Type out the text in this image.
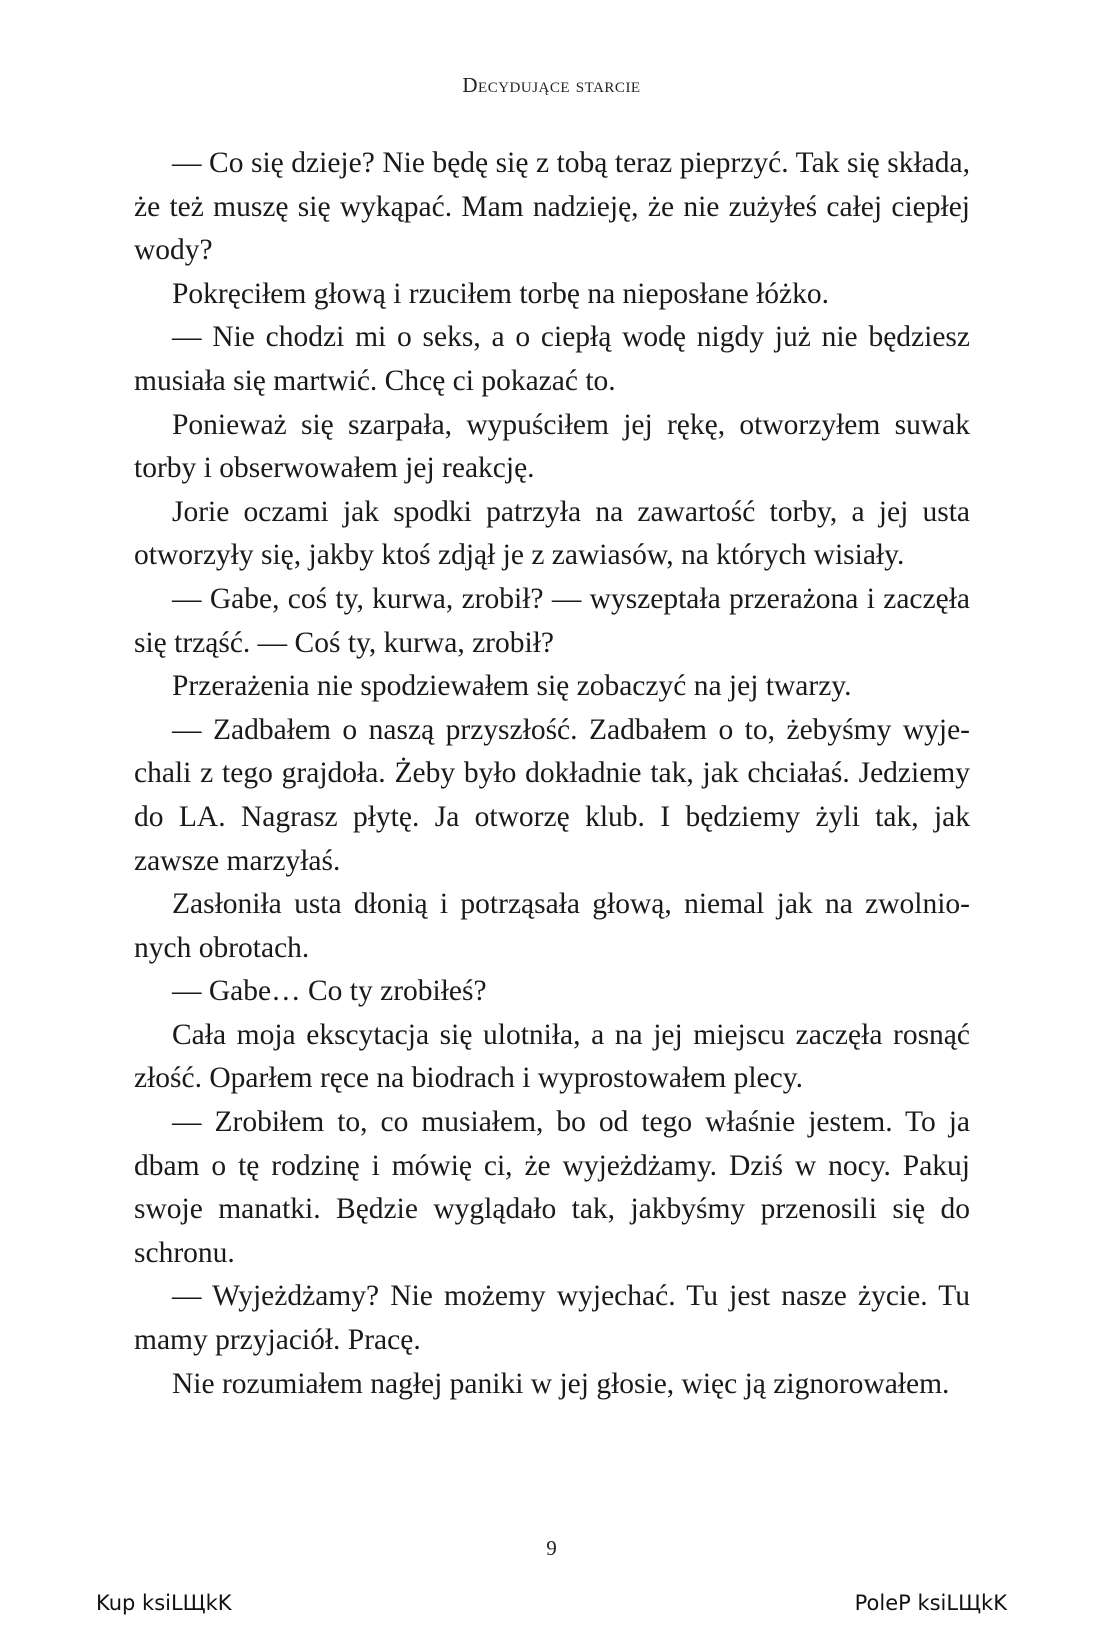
Decydujące starcie

— Co się dzieje? Nie będę się z tobą teraz pieprzyć. Tak się składa, że też muszę się wykąpać. Mam nadzieję, że nie zużyłeś całej ciepłej wody?

Pokręciłem głową i rzuciłem torbę na nieposłane łóżko.

— Nie chodzi mi o seks, a o ciepłą wodę nigdy już nie będziesz musiała się martwić. Chcę ci pokazać to.

Ponieważ się szarpała, wypuściłem jej rękę, otworzyłem suwak torby i obserwowałem jej reakcję.

Jorie oczami jak spodki patrzyła na zawartość torby, a jej usta otworzyły się, jakby ktoś zdjął je z zawiasów, na których wisiały.

— Gabe, coś ty, kurwa, zrobił? — wyszeptała przerażona i zaczęła się trząść. — Coś ty, kurwa, zrobił?

Przerażenia nie spodziewałem się zobaczyć na jej twarzy.

— Zadbałem o naszą przyszłość. Zadbałem o to, żebyśmy wyjechali z tego grajdoła. Żeby było dokładnie tak, jak chciałaś. Jedziemy do LA. Nagrasz płytę. Ja otworzę klub. I będziemy żyli tak, jak zawsze marzyłaś.

Zasłoniła usta dłonią i potrząsała głową, niemal jak na zwolnionych obrotach.

— Gabe… Co ty zrobiłeś?

Cała moja ekscytacja się ulotniła, a na jej miejscu zaczęła rosnąć złość. Oparłem ręce na biodrach i wyprostowałem plecy.

— Zrobiłem to, co musiałem, bo od tego właśnie jestem. To ja dbam o tę rodzinę i mówię ci, że wyjeżdżamy. Dziś w nocy. Pakuj swoje manatki. Będzie wyglądało tak, jakbyśmy przenosili się do schronu.

— Wyjeżdżamy? Nie możemy wyjechać. Tu jest nasze życie. Tu mamy przyjaciół. Pracę.

Nie rozumiałem nagłej paniki w jej głosie, więc ją zignorowałem.

9
Kup ksiLЩkK	PoleP ksiLЩkK
